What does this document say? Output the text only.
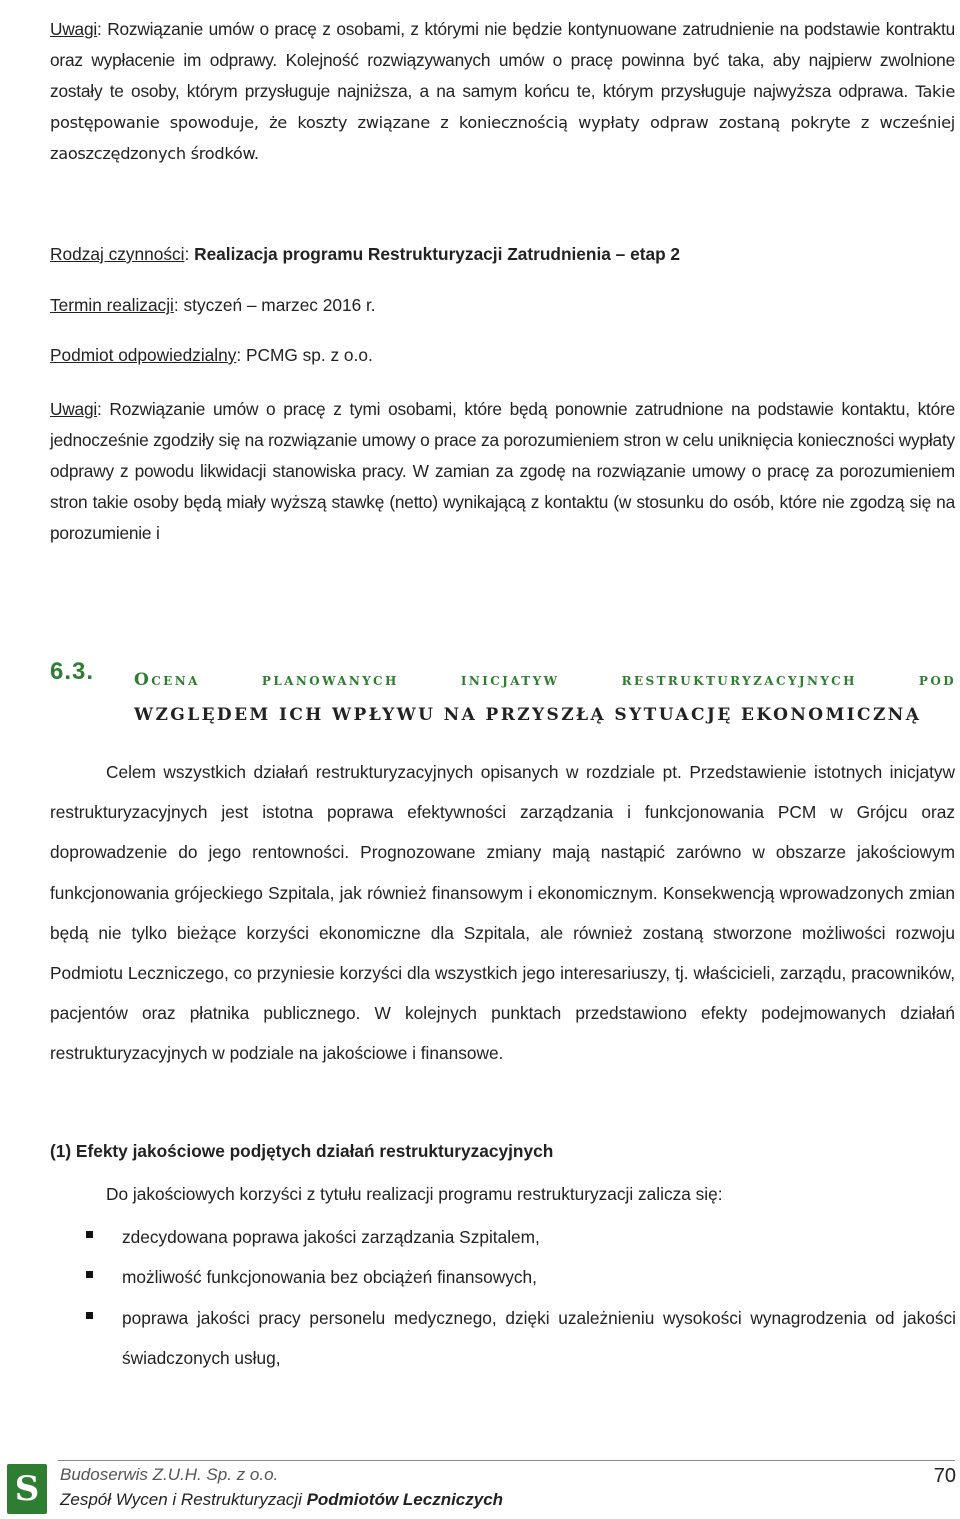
Uwagi: Rozwiązanie umów o pracę z osobami, z którymi nie będzie kontynuowane zatrudnienie na podstawie kontraktu oraz wypłacenie im odprawy. Kolejność rozwiązywanych umów o pracę powinna być taka, aby najpierw zwolnione zostały te osoby, którym przysługuje najniższa, a na samym końcu te, którym przysługuje najwyższa odprawa. Takie postępowanie spowoduje, że koszty związane z koniecznością wypłaty odpraw zostaną pokryte z wcześniej zaoszczędzonych środków.
Rodzaj czynności: Realizacja programu Restrukturyzacji Zatrudnienia – etap 2
Termin realizacji: styczeń – marzec 2016 r.
Podmiot odpowiedzialny: PCMG sp. z o.o.
Uwagi: Rozwiązanie umów o pracę z tymi osobami, które będą ponownie zatrudnione na podstawie kontaktu, które jednocześnie zgodziły się na rozwiązanie umowy o prace za porozumieniem stron w celu uniknięcia konieczności wypłaty odprawy z powodu likwidacji stanowiska pracy. W zamian za zgodę na rozwiązanie umowy o pracę za porozumieniem stron takie osoby będą miały wyższą stawkę (netto) wynikającą z kontaktu (w stosunku do osób, które nie zgodzą się na porozumienie i
6.3. Ocena planowanych inicjatyw restrukturyzacyjnych pod
WZGLĘDEM ICH WPŁYWU NA PRZYSZŁĄ SYTUACJĘ EKONOMICZNĄ
Celem wszystkich działań restrukturyzacyjnych opisanych w rozdziale pt. Przedstawienie istotnych inicjatyw restrukturyzacyjnych jest istotna poprawa efektywności zarządzania i funkcjonowania PCM w Grójcu oraz doprowadzenie do jego rentowności. Prognozowane zmiany mają nastąpić zarówno w obszarze jakościowym funkcjonowania grójeckiego Szpitala, jak również finansowym i ekonomicznym. Konsekwencją wprowadzonych zmian będą nie tylko bieżące korzyści ekonomiczne dla Szpitala, ale również zostaną stworzone możliwości rozwoju Podmiotu Leczniczego, co przyniesie korzyści dla wszystkich jego interesariuszy, tj. właścicieli, zarządu, pracowników, pacjentów oraz płatnika publicznego. W kolejnych punktach przedstawiono efekty podejmowanych działań restrukturyzacyjnych w podziale na jakościowe i finansowe.
(1) Efekty jakościowe podjętych działań restrukturyzacyjnych
Do jakościowych korzyści z tytułu realizacji programu restrukturyzacji zalicza się:
zdecydowana poprawa jakości zarządzania Szpitalem,
możliwość funkcjonowania bez obciążeń finansowych,
poprawa jakości pracy personelu medycznego, dzięki uzależnieniu wysokości wynagrodzenia od jakości świadczonych usług,
S	Budoserwis Z.U.H. Sp. z o.o.
Zespół Wycen i Restrukturyzacji Podmiotów Leczniczych
70
